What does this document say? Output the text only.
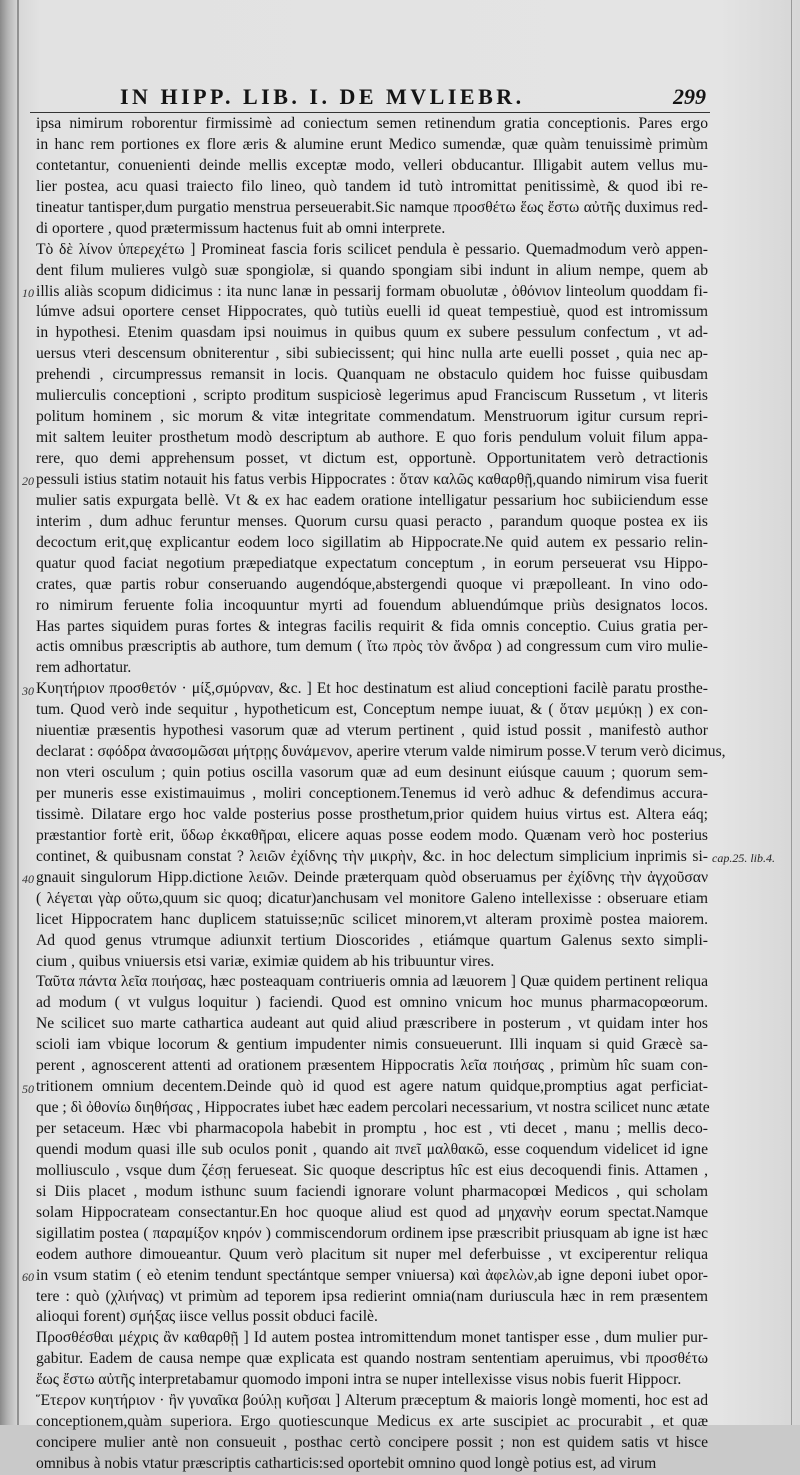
IN HIPP. LIB. I. DE MVLIEBR.	299
ipsa nimirum roborentur firmissimè ad coniectum semen retinendum gratia conceptionis. Pares ergo
in hanc rem portiones ex flore æris & alumine erunt Medico sumendæ, quæ quàm tenuissimè primùm
contetantur, conuenienti deinde mellis exceptæ modo, velleri obducantur. Illigabit autem vellus mu-
lier postea, acu quasi traiecto filo lineo, quò tandem id tutò intromittat penitissimè, & quod ibi re-
tineatur tantisper,dum purgatio menstrua perseuerabit.Sic namque προσθέτω ἕως ἔστω αὐτῆς duximus red-
di oportere , quod prætermissum hactenus fuit ab omni interprete.
Τὸ δὲ λίνον ὑπερεχέτω ] Promineat fascia foris scilicet pendula è pessario. Quemadmodum verò appen-
dent filum mulieres vulgò suæ spongiolæ, si quando spongiam sibi indunt in alium nempe, quem ab
illis aliàs scopum didicimus : ita nunc lanæ in pessarij formam obuolutæ , ὀθόνιον linteolum quoddam fi-
lúmve adsui oportere censet Hippocrates, quò tutiùs euelli id queat tempestiuè, quod est intromissum
in hypothesi. Etenim quasdam ipsi nouimus in quibus quum ex subere pessulum confectum , vt ad-
uersus vteri descensum obniterentur , sibi subiecissent; qui hinc nulla arte euelli posset , quia nec ap-
prehendi , circumpressus remansit in locis. Quanquam ne obstaculo quidem hoc fuisse quibusdam
mulierculis conceptioni , scripto proditum suspiciosè legerimus apud Franciscum Russetum , vt literis
politum hominem , sic morum & vitæ integritate commendatum. Menstruorum igitur cursum repri-
mit saltem leuiter prosthetum modò descriptum ab authore. E quo foris pendulum voluit filum appa-
rere, quo demi apprehensum posset, vt dictum est, opportunè. Opportunitatem verò detractionis
pessuli istius statim notauit his fatus verbis Hippocrates : ὅταν καλῶς καθαρθῇ,quando nimirum visa fuerit
mulier satis expurgata bellè. Vt & ex hac eadem oratione intelligatur pessarium hoc subiiciendum esse
interim , dum adhuc feruntur menses. Quorum cursu quasi peracto , parandum quoque postea ex iis
decoctum erit,quę explicantur eodem loco sigillatim ab Hippocrate.Ne quid autem ex pessario relin-
quatur quod faciat negotium præpediatque expectatum conceptum , in eorum perseuerat vsu Hippo-
crates, quæ partis robur conseruando augendóque,abstergendi quoque vi præpolleant. In vino odo-
ro nimirum feruente folia incoquuntur myrti ad fouendum abluendúmque priùs designatos locos.
Has partes siquidem puras fortes & integras facilis requirit & fida omnis conceptio. Cuius gratia per-
actis omnibus præscriptis ab authore, tum demum ( ἴτω πρὸς τὸν ἄνδρα ) ad congressum cum viro mulie-
rem adhortatur.
Κυητήριον προσθετόν · μίξ,σμύρναν, &c. ] Et hoc destinatum est aliud conceptioni facilè paratu prosthe-
tum. Quod verò inde sequitur , hypotheticum est, Conceptum nempe iuuat, & ( ὅταν μεμύκῃ ) ex con-
niuentiæ præsentis hypothesi vasorum quæ ad vterum pertinent , quid istud possit , manifestò author
declarat : σφόδρα ἀνασομῶσαι μήτρῃς δυνάμενον, aperire vterum valde nimirum posse.V terum verò dicimus,
non vteri osculum ; quin potius oscilla vasorum quæ ad eum desinunt eiúsque cauum ; quorum sem-
per muneris esse existimauimus , moliri conceptionem.Tenemus id verò adhuc & defendimus accura-
tissimè. Dilatare ergo hoc valde posterius posse prosthetum,prior quidem huius virtus est. Altera eáq;
præstantior fortè erit, ὕδωρ ἐκκαθῆραι, elicere aquas posse eodem modo. Quænam verò hoc posterius
continet, & quibusnam constat ? λειῶν ἐχίδνης τὴν μικρὴν, &c. in hoc delectum simplicium inprimis si-
gnauit singulorum Hipp.dictione λειῶν. Deinde præterquam quòd obseruamus per ἐχίδνης τὴν ἀγχοῦσαν
( λέγεται γὰρ οὕτω,quum sic quoq; dicatur)anchusam vel monitore Galeno intellexisse : obseruare etiam
licet Hippocratem hanc duplicem statuisse;nūc scilicet minorem,vt alteram proximè postea maiorem.
Ad quod genus vtrumque adiunxit tertium Dioscorides , etiámque quartum Galenus sexto simpli-
cium , quibus vniuersis etsi variæ, eximiæ quidem ab his tribuuntur vires.
Ταῦτα πάντα λεῖα ποιήσας, hæc posteaquam contriueris omnia ad læuorem ] Quæ quidem pertinent reliqua
ad modum ( vt vulgus loquitur ) faciendi. Quod est omnino vnicum hoc munus pharmacopœorum.
Ne scilicet suo marte cathartica audeant aut quid aliud præscribere in posterum , vt quidam inter hos
scioli iam vbique locorum & gentium impudenter nimis consueuerunt. Illi inquam si quid Græcè sa-
perent , agnoscerent attenti ad orationem præsentem Hippocratis λεῖα ποιήσας , primùm hîc suam con-
tritionem omnium decentem.Deinde quò id quod est agere natum quidque,promptius agat perficiat-
que ; δὶ ὀθονίω διηθήσας , Hippocrates iubet hæc eadem percolari necessarium, vt nostra scilicet nunc ætate
per setaceum. Hæc vbi pharmacopola habebit in promptu , hoc est , vti decet , manu ; mellis deco-
quendi modum quasi ille sub oculos ponit , quando ait πνεῖ μαλθακῶ, esse coquendum videlicet id igne
molliusculo , vsque dum ζέσῃ ferueseat. Sic quoque descriptus hîc est eius decoquendi finis. Attamen ,
si Diis placet , modum isthunc suum faciendi ignorare volunt pharmacopœi Medicos , qui scholam
solam Hippocrateam consectantur.En hoc quoque aliud est quod ad μηχανὴν eorum spectat.Namque
sigillatim postea ( παραμίξον κηρόν ) commiscendorum ordinem ipse præscribit priusquam ab igne ist hæc
eodem authore dimoueantur. Quum verò placitum sit nuper mel deferbuisse , vt exciperentur reliqua
in vsum statim ( eò etenim tendunt spectántque semper vniuersa) καὶ ἀφελὼν,ab igne deponi iubet opor-
tere : quò (χλιήνας) vt primùm ad teporem ipsa redierint omnia(nam duriuscula hæc in rem præsentem
alioqui forent) σμήξας iisce vellus possit obduci facilè.
Προσθέσθαι μέχρις ἂν καθαρθῇ ] Id autem postea intromittendum monet tantisper esse , dum mulier pur-
gabitur. Eadem de causa nempe quæ explicata est quando nostram sententiam aperuimus, vbi προσθέτω
ἕως ἔστω αὐτῆς interpretabamur quomodo imponi intra se nuper intellexisse visus nobis fuerit Hippocr.
Ἕτερον κυητήριον · ἢν γυναῖκα βούλῃ κυῆσαι ] Alterum præceptum & maioris longè momenti, hoc est ad
conceptionem,quàm superiora. Ergo quotiescunque Medicus ex arte suscipiet ac procurabit , et quæ
concipere mulier antè non consueuit , posthac certò concipere possit ; non est quidem satis vt hisce
omnibus à nobis vtatur præscriptis catharticis:sed oportebit omnino quod longè potius est, ad virum
10
20
30
40
50
60
cap.25. lib.4.
